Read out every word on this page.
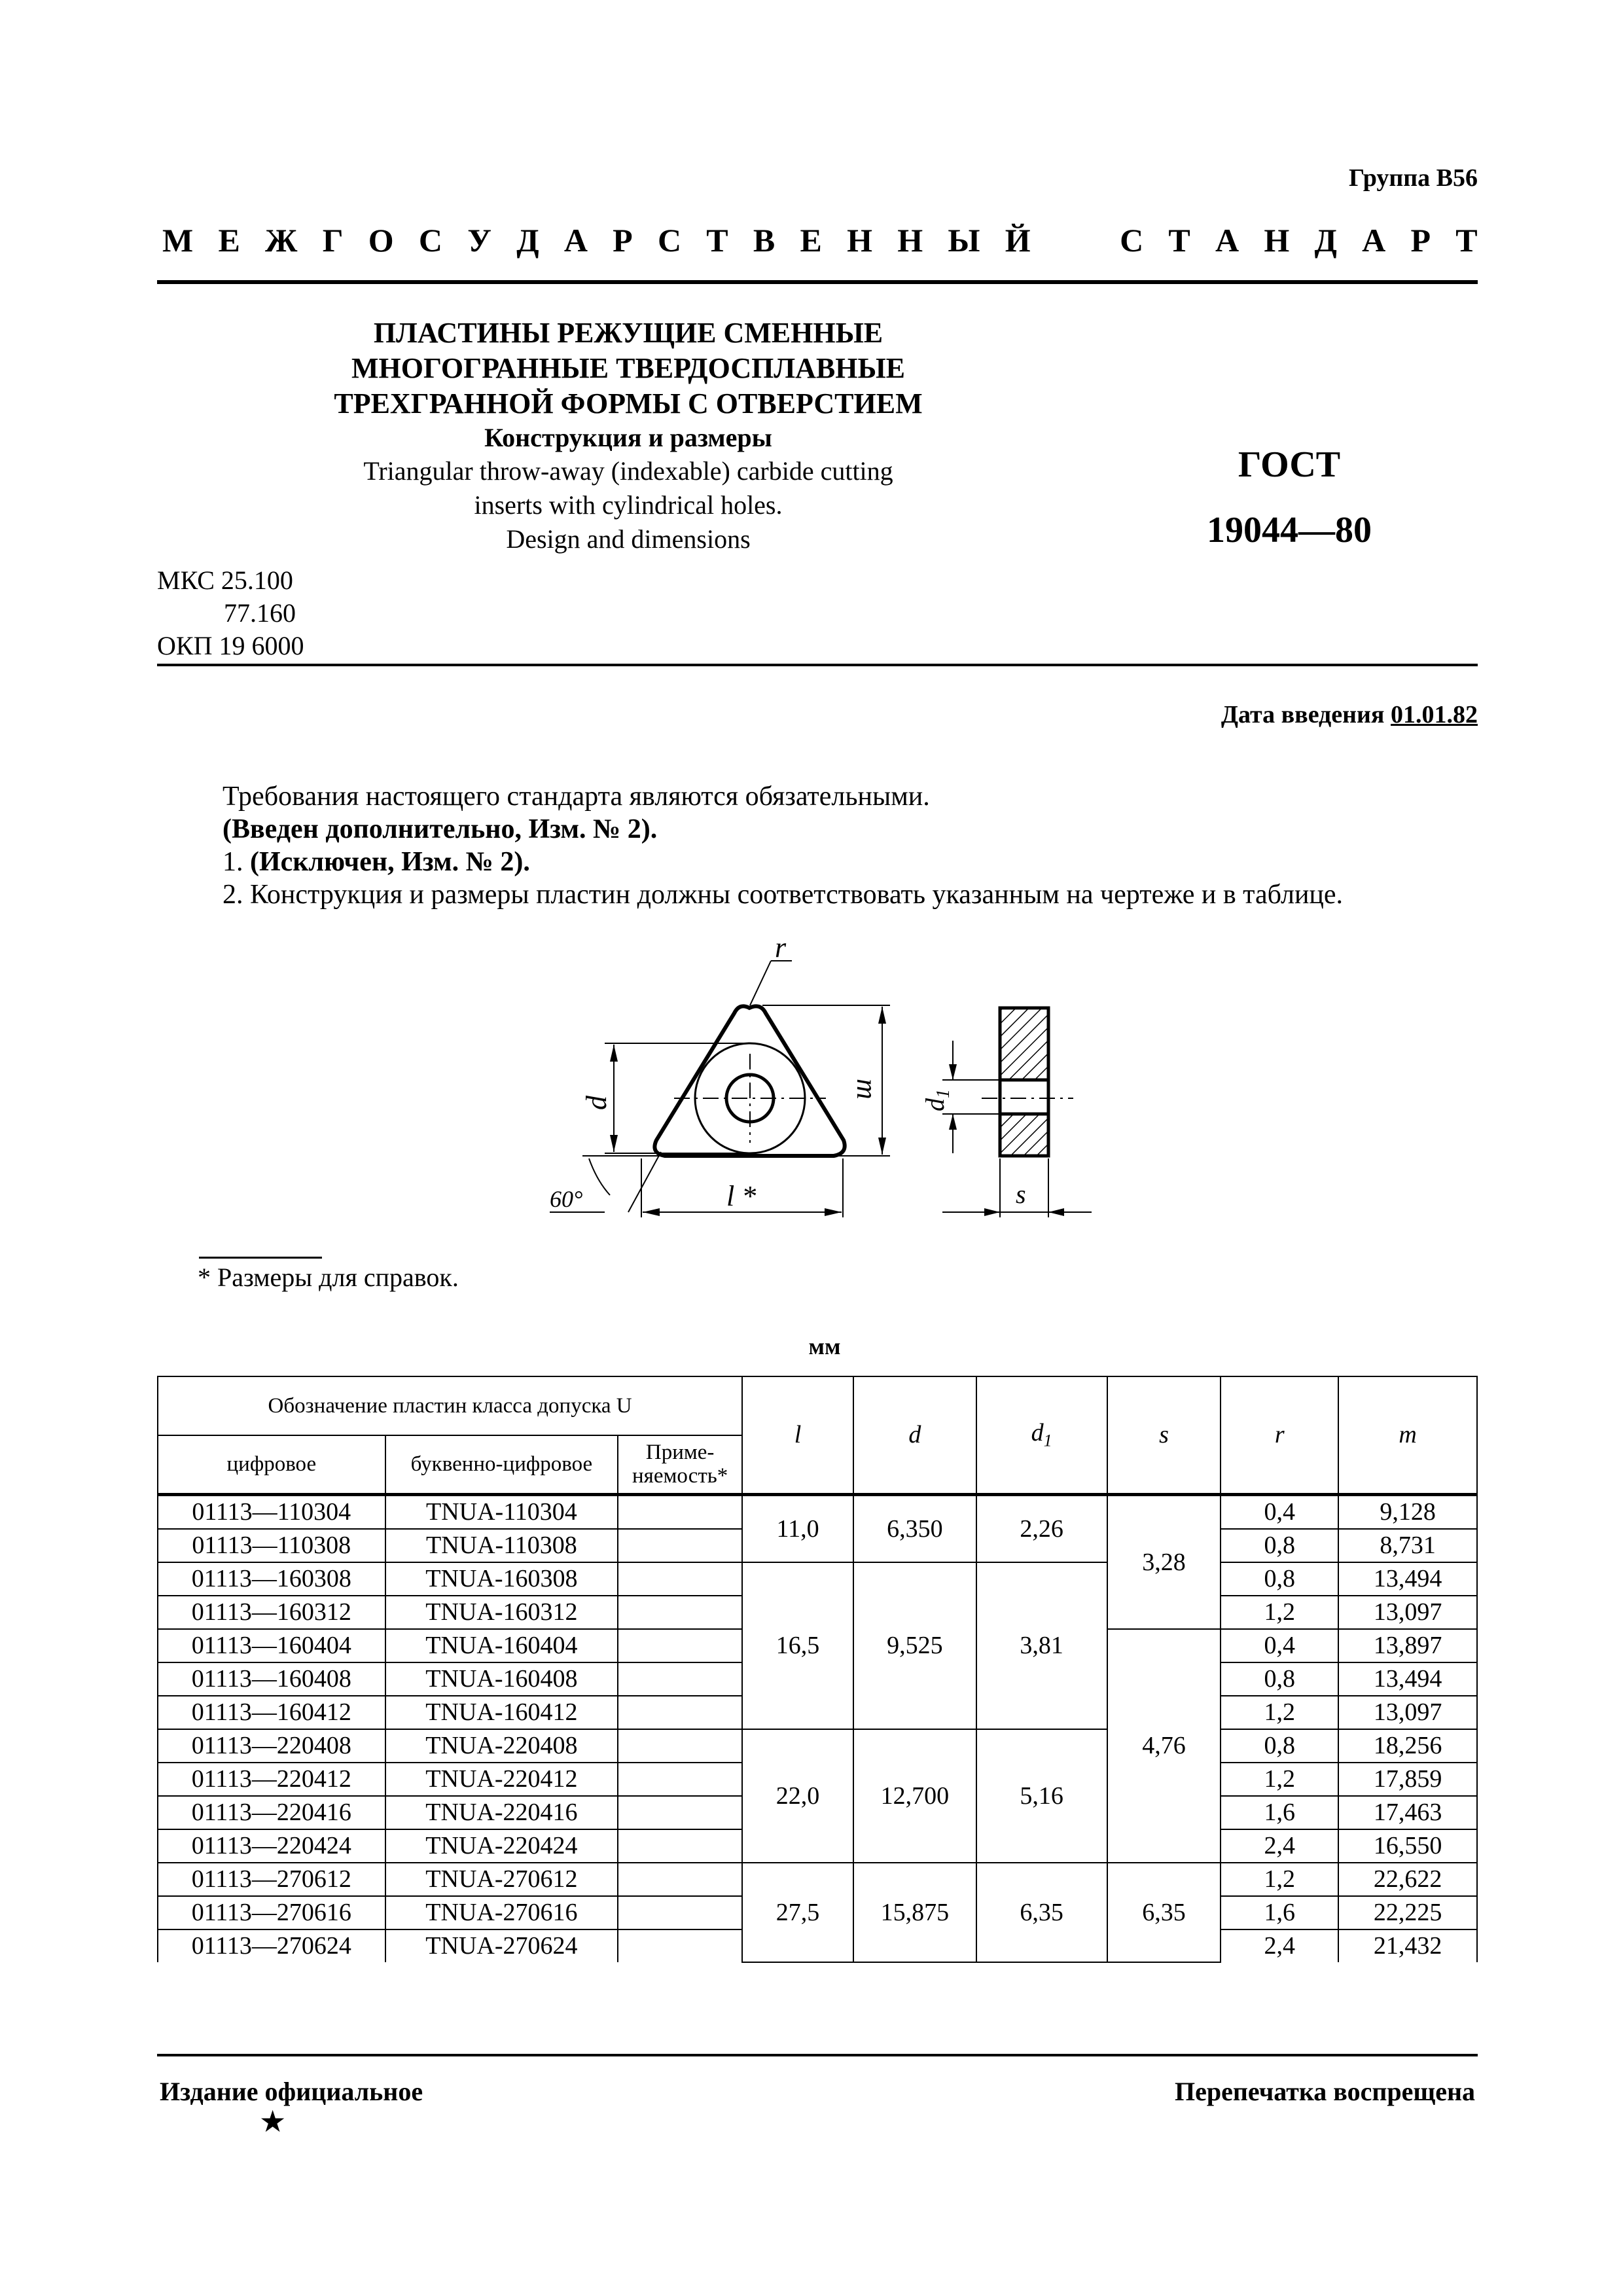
Группа В56
М Е Ж Г О С У Д А Р С Т В Е Н Н Ы Й	С Т А Н Д А Р Т
ПЛАСТИНЫ РЕЖУЩИЕ СМЕННЫЕ
МНОГОГРАННЫЕ ТВЕРДОСПЛАВНЫЕ
ТРЕХГРАННОЙ ФОРМЫ С ОТВЕРСТИЕМ
Конструкция и размеры
Triangular throw-away (indexable) carbide cutting
inserts with cylindrical holes.
Design and dimensions
ГОСТ
19044—80
МКС 25.100
77.160
ОКП 19 6000
Дата введения 01.01.82
Требования настоящего стандарта являются обязательными.
(Введен дополнительно, Изм. № 2).
1. (Исключен, Изм. № 2).
2. Конструкция и размеры пластин должны соответствовать указанным на чертеже и в таблице.
r
m
d
60°	l *
$d_1$
s
* Размеры для справок.
мм
Обозначение пластин класса допуска U			l	d	$d_1$	s	r	m
цифровое	буквенно-цифровое	Приме-
няемость*						
01113—110304	TNUA-110304		11,0	6,350	2,26	3,28	0,4	9,128
01113—110308	TNUA-110308						0,8	8,731
01113—160308	TNUA-160308		16,5	9,525	3,81		0,8	13,494
01113—160312	TNUA-160312						1,2	13,097
01113—160404	TNUA-160404					4,76	0,4	13,897
01113—160408	TNUA-160408						0,8	13,494
01113—160412	TNUA-160412						1,2	13,097
01113—220408	TNUA-220408		22,0	12,700	5,16		0,8	18,256
01113—220412	TNUA-220412						1,2	17,859
01113—220416	TNUA-220416						1,6	17,463
01113—220424	TNUA-220424						2,4	16,550
01113—270612	TNUA-270612		27,5	15,875	6,35	6,35	1,2	22,622
01113—270616	TNUA-270616						1,6	22,225
01113—270624	TNUA-270624						2,4	21,432
Издание официальное	Перепечатка воспрещена
★
